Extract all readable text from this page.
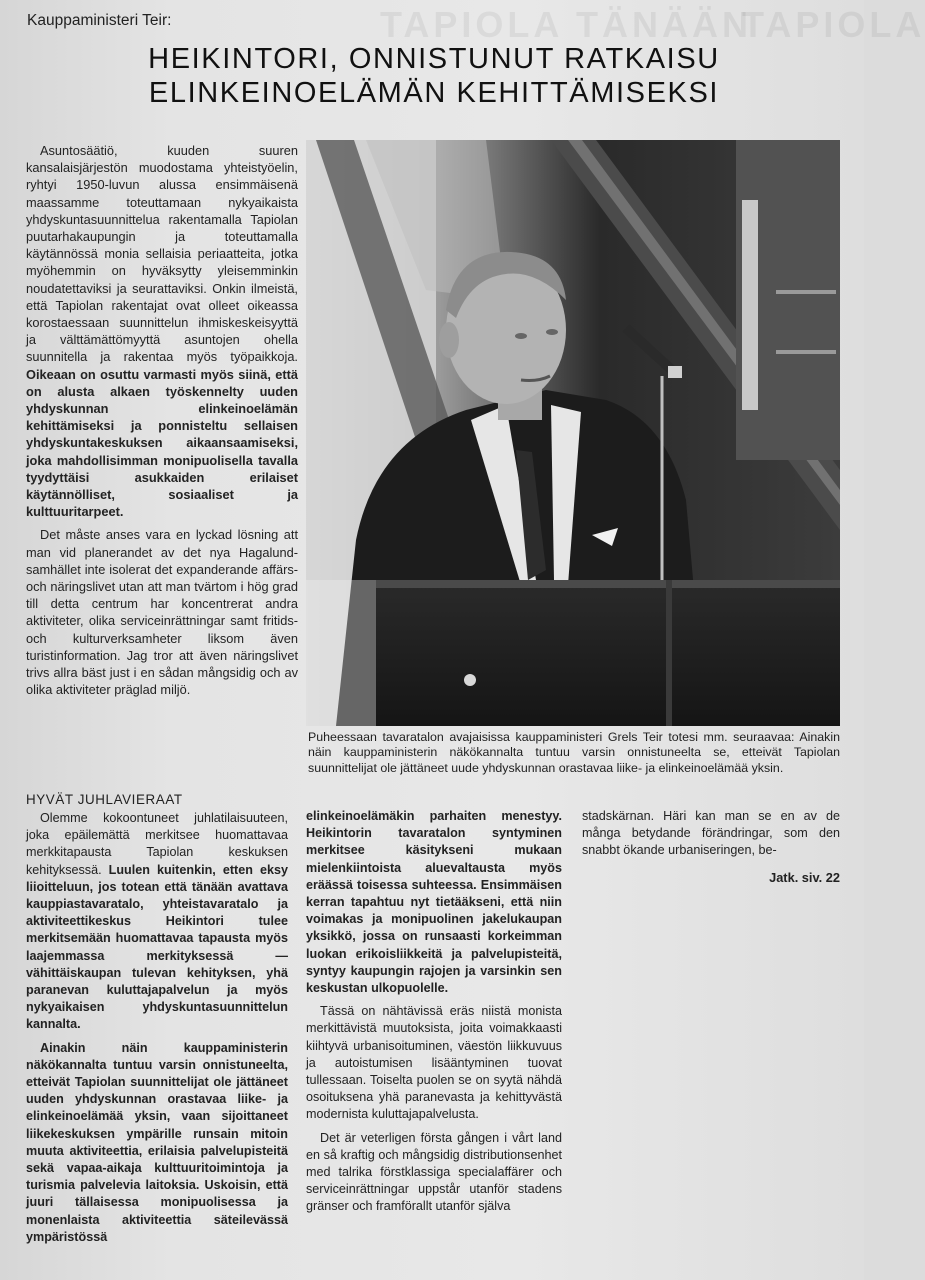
TAPIOLA TÄNÄÄN
TAPIOLA
Kauppaministeri Teir:
HEIKINTORI, ONNISTUNUT RATKAISU
ELINKEINOELÄMÄN KEHITTÄMISEKSI

Asuntosäätiö, kuuden suuren kansalaisjärjestön muodostama yhteistyöelin, ryhtyi 1950-luvun alussa ensimmäisenä maassamme toteuttamaan nykyaikaista yhdyskuntasuunnittelua rakentamalla Tapiolan puutarhakaupungin ja toteuttamalla käytännössä monia sellaisia periaatteita, jotka myöhemmin on hyväksytty yleisemminkin noudatettaviksi ja seurattaviksi. Onkin ilmeistä, että Tapiolan rakentajat ovat olleet oikeassa korostaessaan suunnittelun ihmiskeskeisyyttä ja välttämättömyyttä asuntojen ohella suunnitella ja rakentaa myös työpaikkoja. Oikeaan on osuttu varmasti myös siinä, että on alusta alkaen työskennelty uuden yhdyskunnan elinkeinoelämän kehittämiseksi ja ponnisteltu sellaisen yhdyskuntakeskuksen aikaansaamiseksi, joka mahdollisimman monipuolisella tavalla tyydyttäisi asukkaiden erilaiset käytännölliset, sosiaaliset ja kulttuuritarpeet.

Det måste anses vara en lyckad lösning att man vid planerandet av det nya Hagalund-samhället inte isolerat det expanderande affärs- och näringslivet utan att man tvärtom i hög grad till detta centrum har koncentrerat andra aktiviteter, olika serviceinrättningar samt fritids- och kulturverksamheter liksom även turistinformation. Jag tror att även näringslivet trivs allra bäst just i en sådan mångsidig och av olika aktiviteter präglad miljö.

Puheessaan tavaratalon avajaisissa kauppaministeri Grels Teir totesi mm. seuraavaa: Ainakin näin kauppaministerin näkökannalta tuntuu varsin onnistuneelta se, etteivät Tapiolan suunnittelijat ole jättäneet uude yhdyskunnan orastavaa liike- ja elinkeinoelämää yksin.
HYVÄT JUHLAVIERAAT

Olemme kokoontuneet juhlatilaisuuteen, joka epäilemättä merkitsee huomattavaa merkkitapausta Tapiolan keskuksen kehityksessä. Luulen kuitenkin, etten eksy liioitteluun, jos totean että tänään avattava kauppiastavaratalo, yhteistavaratalo ja aktiviteettikeskus Heikintori tulee merkitsemään huomattavaa tapausta myös laajemmassa merkityksessä — vähittäiskaupan tulevan kehityksen, yhä paranevan kuluttajapalvelun ja myös nykyaikaisen yhdyskuntasuunnittelun kannalta.

Ainakin näin kauppaministerin näkökannalta tuntuu varsin onnistuneelta, etteivät Tapiolan suunnittelijat ole jättäneet uuden yhdyskunnan orastavaa liike- ja elinkeinoelämää yksin, vaan sijoittaneet liikekeskuksen ympärille runsain mitoin muuta aktiviteettia, erilaisia palvelupisteitä sekä vapaa-aikaja kulttuuritoimintoja ja turismia palvelevia laitoksia. Uskoisin, että juuri tällaisessa monipuolisessa ja monenlaista aktiviteettia säteilevässä ympäristössä

elinkeinoelämäkin parhaiten menestyy. Heikintorin tavaratalon syntyminen merkitsee käsitykseni mukaan mielenkiintoista aluevaltausta myös eräässä toisessa suhteessa. Ensimmäisen kerran tapahtuu nyt tietääkseni, että niin voimakas ja monipuolinen jakelukaupan yksikkö, jossa on runsaasti korkeimman luokan erikoisliikkeitä ja palvelupisteitä, syntyy kaupungin rajojen ja varsinkin sen keskustan ulkopuolelle.

Tässä on nähtävissä eräs niistä monista merkittävistä muutoksista, joita voimakkaasti kiihtyvä urbanisoituminen, väestön liikkuvuus ja autoistumisen lisääntyminen tuovat tullessaan. Toiselta puolen se on syytä nähdä osoituksena yhä paranevasta ja kehittyvästä modernista kuluttajapalvelusta.

Det är veterligen första gången i vårt land en så kraftig och mångsidig distributionsenhet med talrika förstklassiga specialaffärer och serviceinrättningar uppstår utanför stadens gränser och framförallt utanför själva

stadskärnan. Häri kan man se en av de många betydande förändringar, som den snabbt ökande urbaniseringen, be-

Jatk. siv. 22
